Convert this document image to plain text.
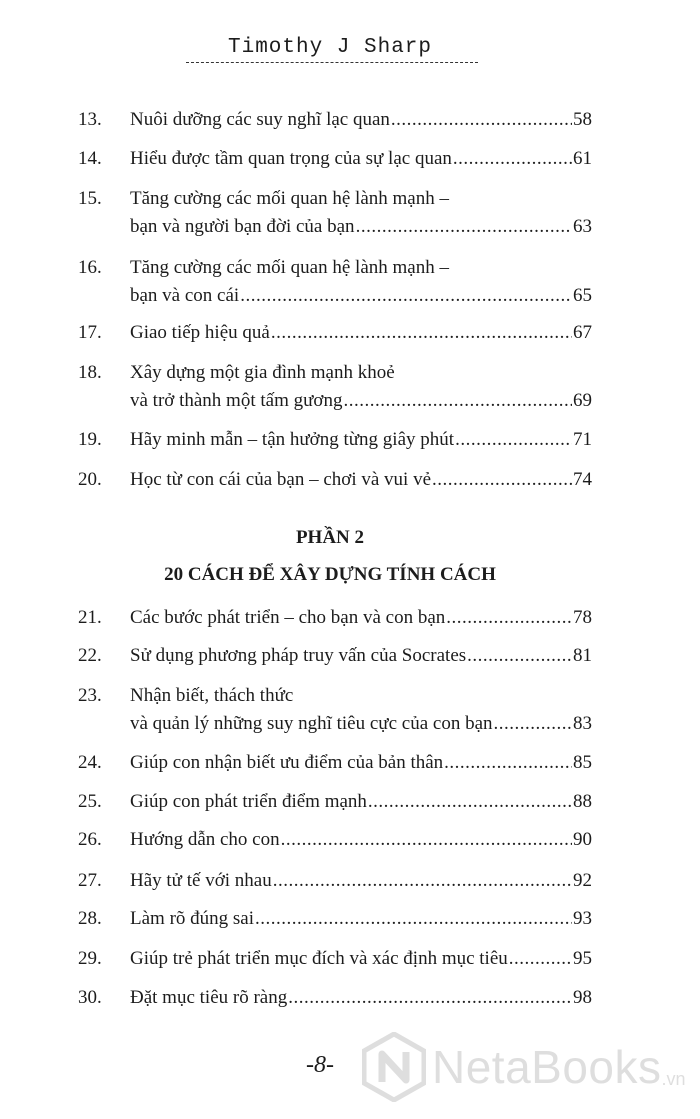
Timothy J Sharp
13. Nuôi dưỡng các suy nghĩ lạc quan .....	58
14. Hiểu được tầm quan trọng của sự lạc quan .....	61
15. Tăng cường các mối quan hệ lành mạnh –
bạn và người bạn đời của bạn .....	63
16. Tăng cường các mối quan hệ lành mạnh –
bạn và con cái .....	65
17. Giao tiếp hiệu quả .....	67
18. Xây dựng một gia đình mạnh khoẻ
và trở thành một tấm gương .....	69
19. Hãy minh mẫn – tận hưởng từng giây phút .....	71
20. Học từ con cái của bạn – chơi và vui vẻ .....	74
PHẦN 2
20 CÁCH ĐỂ XÂY DỰNG TÍNH CÁCH
21. Các bước phát triển – cho bạn và con bạn .....	78
22. Sử dụng phương pháp truy vấn của Socrates .....	81
23. Nhận biết, thách thức
và quản lý những suy nghĩ tiêu cực của con bạn .....	83
24. Giúp con nhận biết ưu điểm của bản thân .....	85
25. Giúp con phát triển điểm mạnh .....	88
26. Hướng dẫn cho con .....	90
27. Hãy tử tế với nhau .....	92
28. Làm rõ đúng sai .....	93
29. Giúp trẻ phát triển mục đích và xác định mục tiêu .....	95
30. Đặt mục tiêu rõ ràng .....	98
-8- NetaBooks .vn
